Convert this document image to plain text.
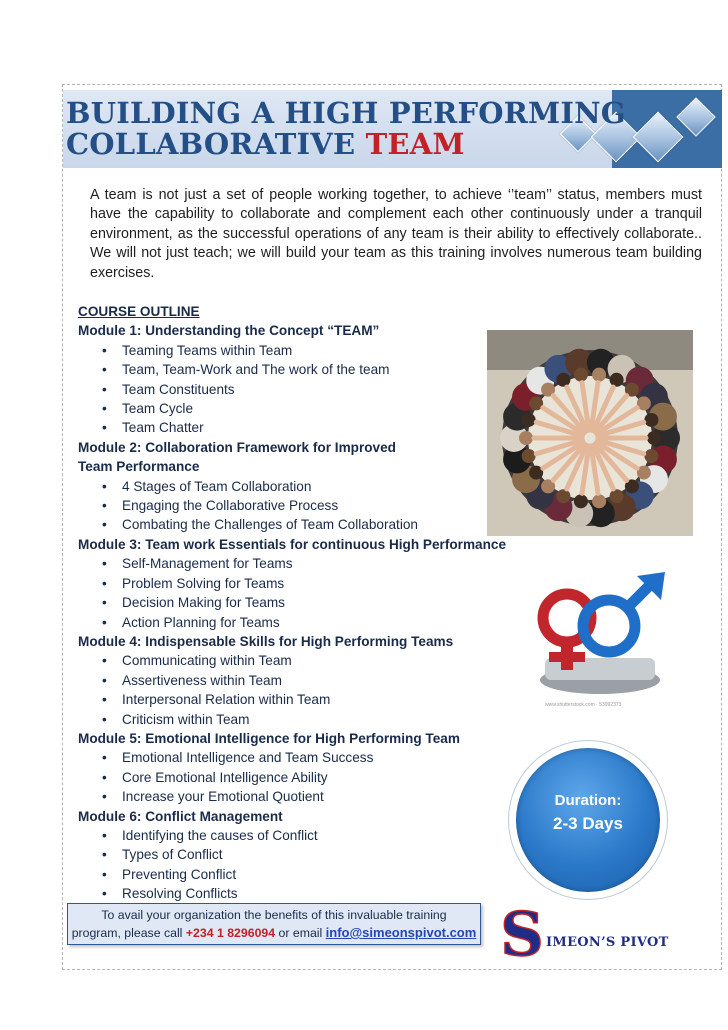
BUILDING A HIGH PERFORMING
COLLABORATIVE TEAM

A team is not just a set of people working together, to achieve ‘’team’’ status, members must have the capability to collaborate and complement each other continuously under a tranquil environment, as the successful operations of any team is their ability to effectively collaborate.. We will not just teach; we will build your team as this training involves numerous team building exercises.

COURSE OUTLINE
Module 1: Understanding the Concept “TEAM”
• Teaming Teams within Team
• Team, Team-Work and The work of the team
• Team Constituents
• Team Cycle
• Team Chatter
Module 2: Collaboration Framework for Improved Team Performance
• 4 Stages of Team Collaboration
• Engaging the Collaborative Process
• Combating the Challenges of Team Collaboration
Module 3: Team work Essentials for continuous High Performance
• Self-Management for Teams
• Problem Solving for Teams
• Decision Making for Teams
• Action Planning for Teams
Module 4: Indispensable Skills for High Performing Teams
• Communicating within Team
• Assertiveness within Team
• Interpersonal Relation within Team
• Criticism within Team
Module 5: Emotional Intelligence for High Performing Team
• Emotional Intelligence and Team Success
• Core Emotional Intelligence Ability
• Increase your Emotional Quotient
Module 6: Conflict Management
• Identifying the causes of Conflict
• Types of Conflict
• Preventing Conflict
• Resolving Conflicts
www.shutterstock.com · 53992373
Duration:
2-3 Days
To avail your organization the benefits of this invaluable training
program, please call +234 1 8296094 or email info@simeonspivot.com S IMEON’S PIVOT
